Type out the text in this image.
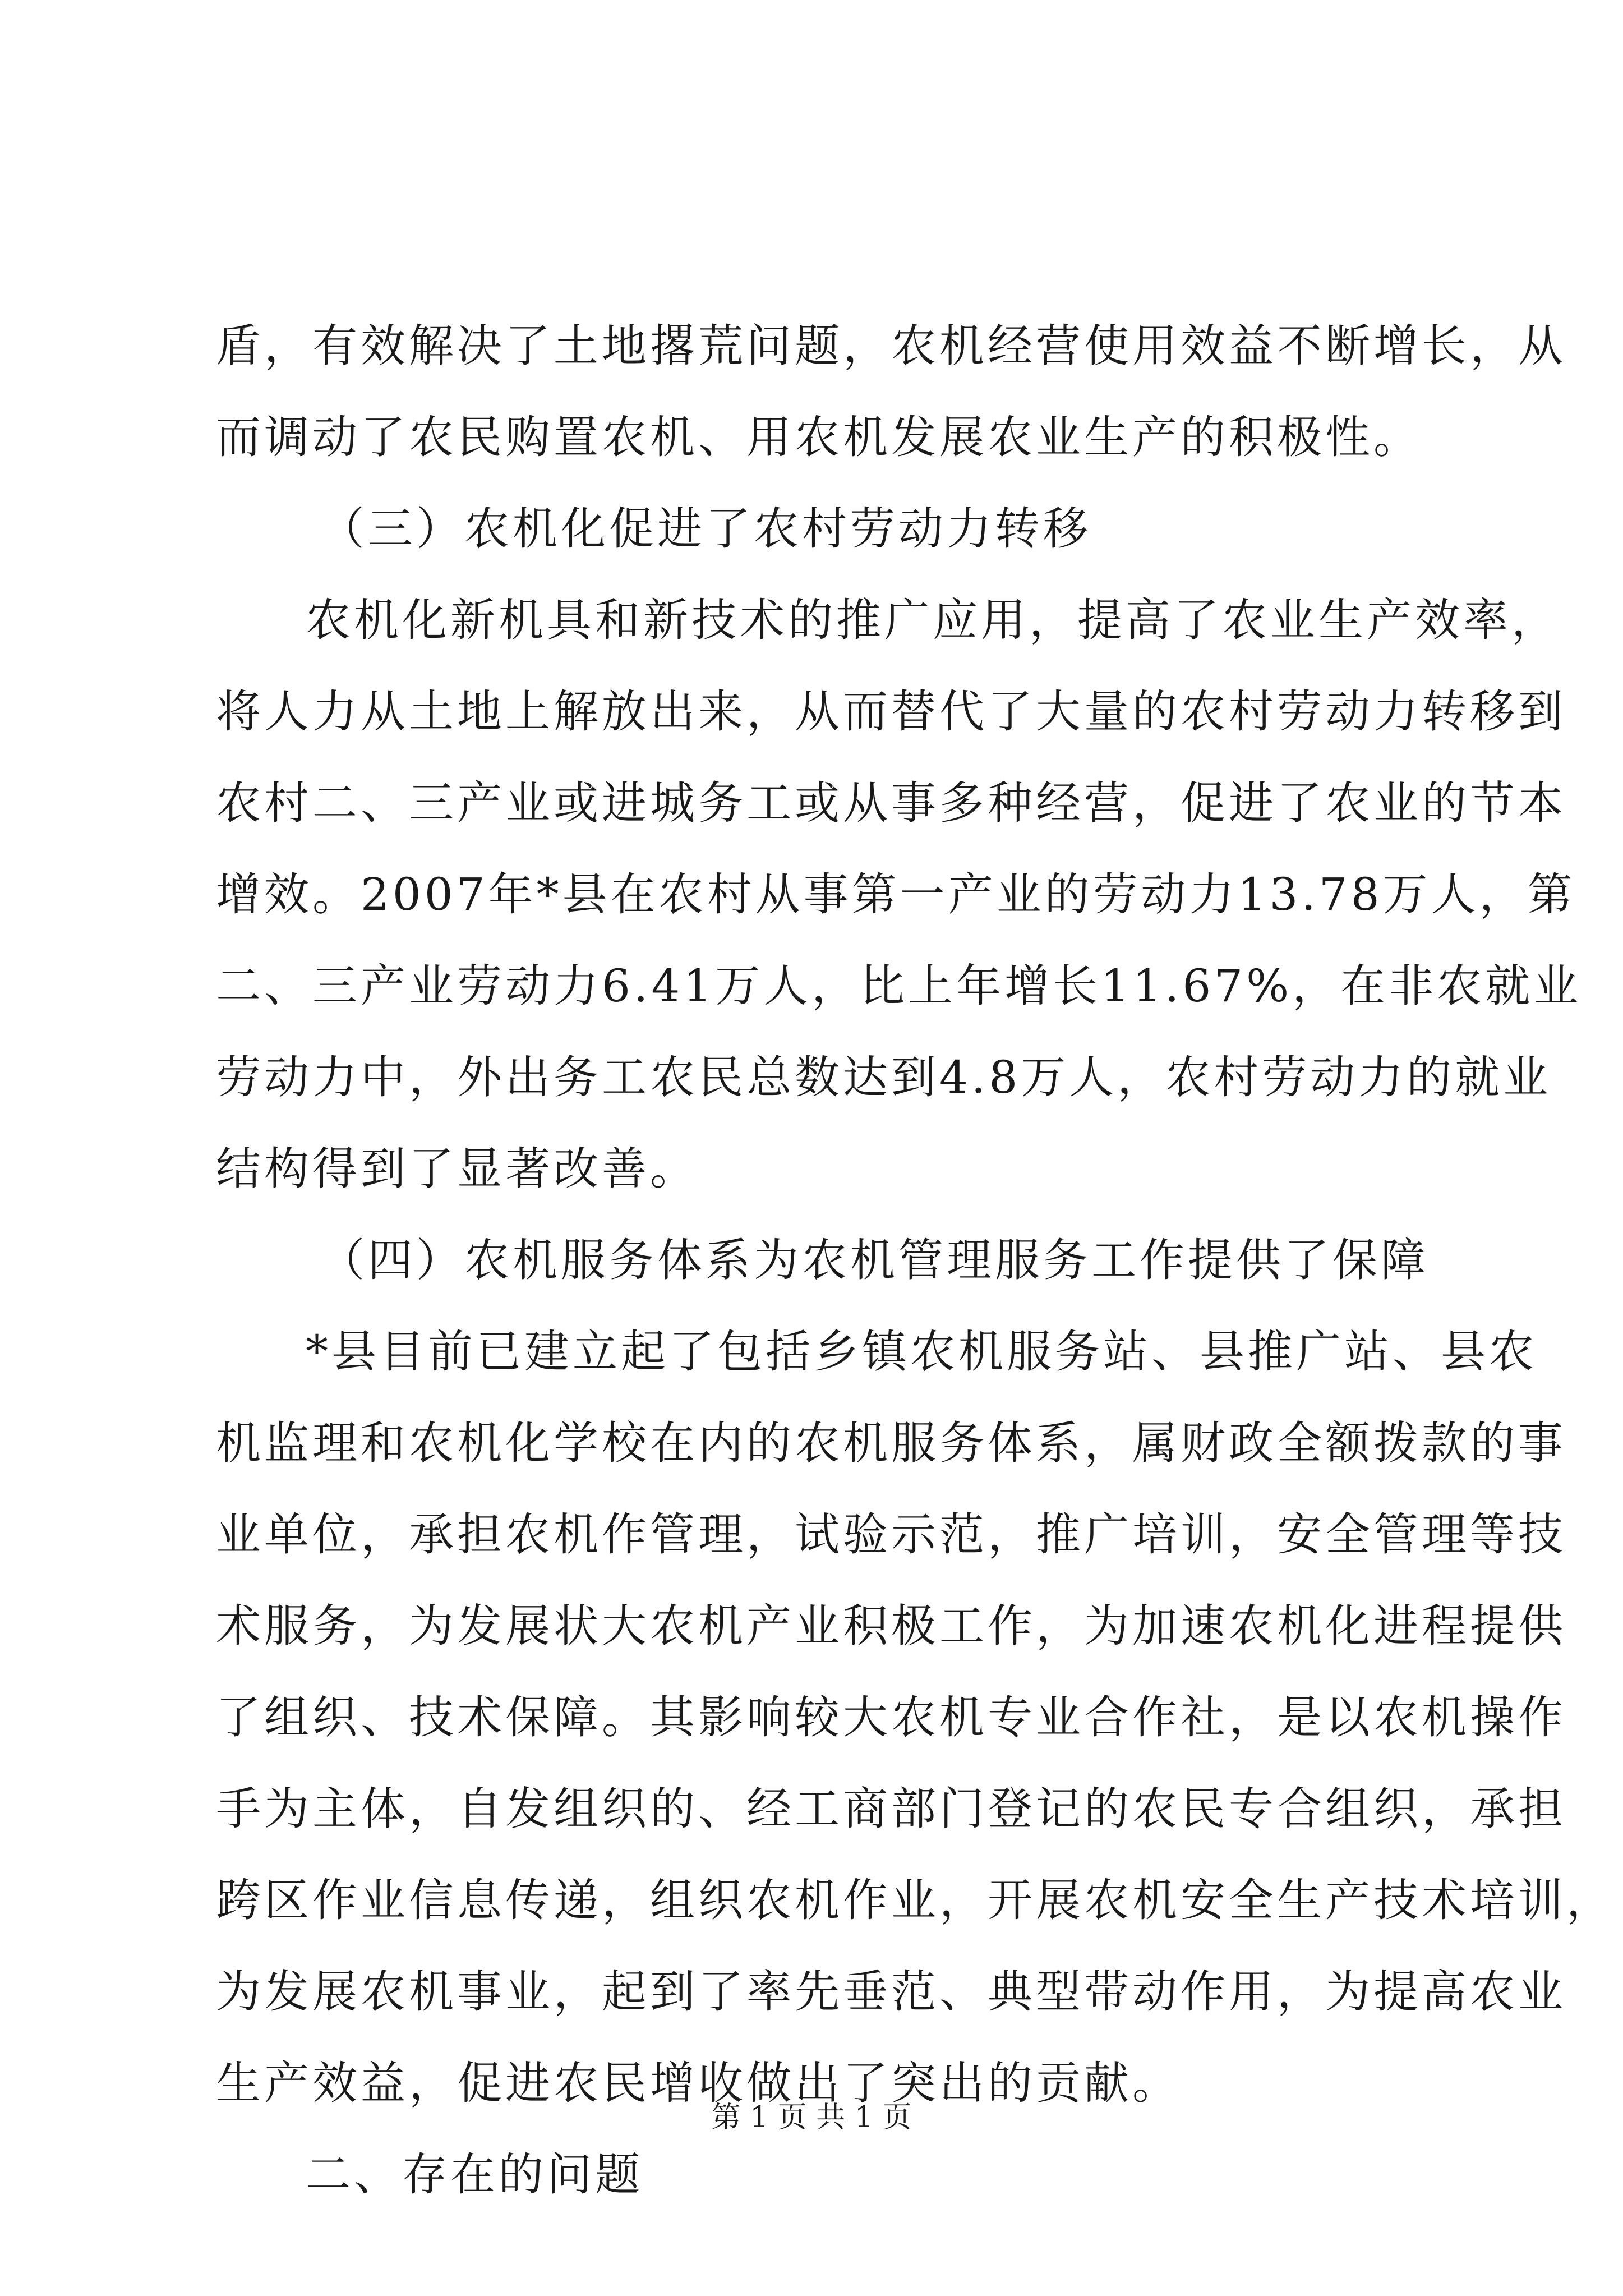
盾，有效解决了土地撂荒问题，农机经营使用效益不断增长，从
而调动了农民购置农机、用农机发展农业生产的积极性。
（三）农机化促进了农村劳动力转移
农机化新机具和新技术的推广应用，提高了农业生产效率，
将人力从土地上解放出来，从而替代了大量的农村劳动力转移到
农村二、三产业或进城务工或从事多种经营，促进了农业的节本
增效。2007年*县在农村从事第一产业的劳动力13.78万人，第
二、三产业劳动力6.41万人，比上年增长11.67%，在非农就业
劳动力中，外出务工农民总数达到4.8万人，农村劳动力的就业
结构得到了显著改善。
（四）农机服务体系为农机管理服务工作提供了保障
*县目前已建立起了包括乡镇农机服务站、县推广站、县农
机监理和农机化学校在内的农机服务体系，属财政全额拨款的事
业单位，承担农机作管理，试验示范，推广培训，安全管理等技
术服务，为发展状大农机产业积极工作，为加速农机化进程提供
了组织、技术保障。其影响较大农机专业合作社，是以农机操作
手为主体，自发组织的、经工商部门登记的农民专合组织，承担
跨区作业信息传递，组织农机作业，开展农机安全生产技术培训，
为发展农机事业，起到了率先垂范、典型带动作用，为提高农业
生产效益，促进农民增收做出了突出的贡献。
二、存在的问题
第 1 页 共 1 页
